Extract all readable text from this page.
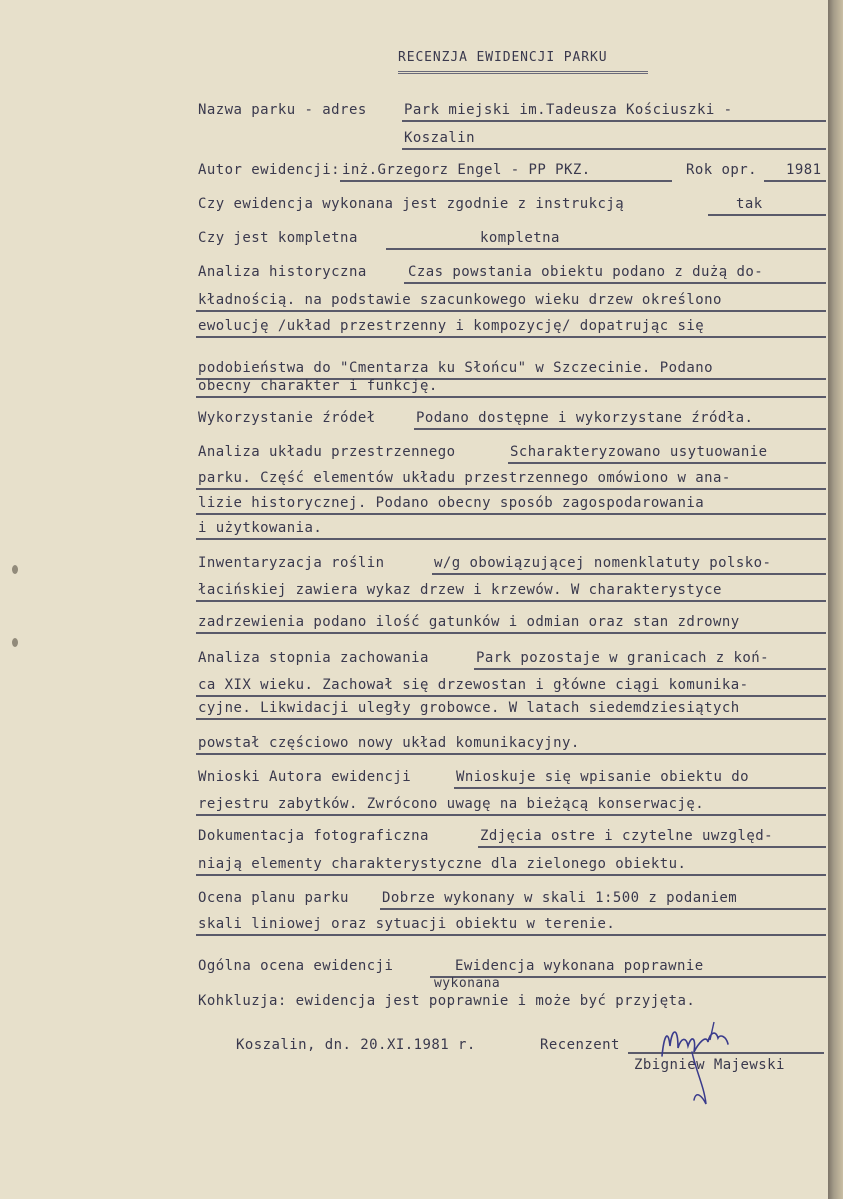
RECENZJA EWIDENCJI PARKU
Nazwa parku - adres	Park miejski im.Tadeusza Kościuszki -
Koszalin
Autor ewidencji: inż.Grzegorz Engel - PP PKZ.	Rok opr. 1981
Czy ewidencja wykonana jest zgodnie z instrukcją	tak
Czy jest kompletna	kompletna
Analiza historyczna	Czas powstania obiektu podano z dużą do-
kładnością. na podstawie szacunkowego wieku drzew określono
ewolucję /układ przestrzenny i kompozycję/ dopatrując się
podobieństwa do "Cmentarza ku Słońcu" w Szczecinie. Podano
obecny charakter i funkcję.
Wykorzystanie źródeł	Podano dostępne i wykorzystane źródła.
Analiza układu przestrzennego	Scharakteryzowano usytuowanie
parku. Część elementów układu przestrzennego omówiono w ana-
lizie historycznej. Podano obecny sposób zagospodarowania
i użytkowania.
Inwentaryzacja roślin	w/g obowiązującej nomenklatuty polsko-
łacińskiej zawiera wykaz drzew i krzewów. W charakterystyce
zadrzewienia podano ilość gatunków i odmian oraz stan zdrowny
Analiza stopnia zachowania	Park pozostaje w granicach z koń-
ca XIX wieku. Zachował się drzewostan i główne ciągi komunika-
cyjne. Likwidacji uległy grobowce. W latach siedemdziesiątych
powstał częściowo nowy układ komunikacyjny.
Wnioski Autora ewidencji	Wnioskuje się wpisanie obiektu do
rejestru zabytków. Zwrócono uwagę na bieżącą konserwację.
Dokumentacja fotograficzna	Zdjęcia ostre i czytelne uwzględ-
niają elementy charakterystyczne dla zielonego obiektu.
Ocena planu parku Dobrze wykonany w skali 1:500 z podaniem
skali liniowej oraz sytuacji obiektu w terenie.
Ogólna ocena ewidencji	Ewidencja wykonana poprawnie
wykonana
Kohkluzja: ewidencja jest poprawnie i może być przyjęta.
Koszalin, dn. 20.XI.1981 r.	Recenzent
Zbigniew Majewski
